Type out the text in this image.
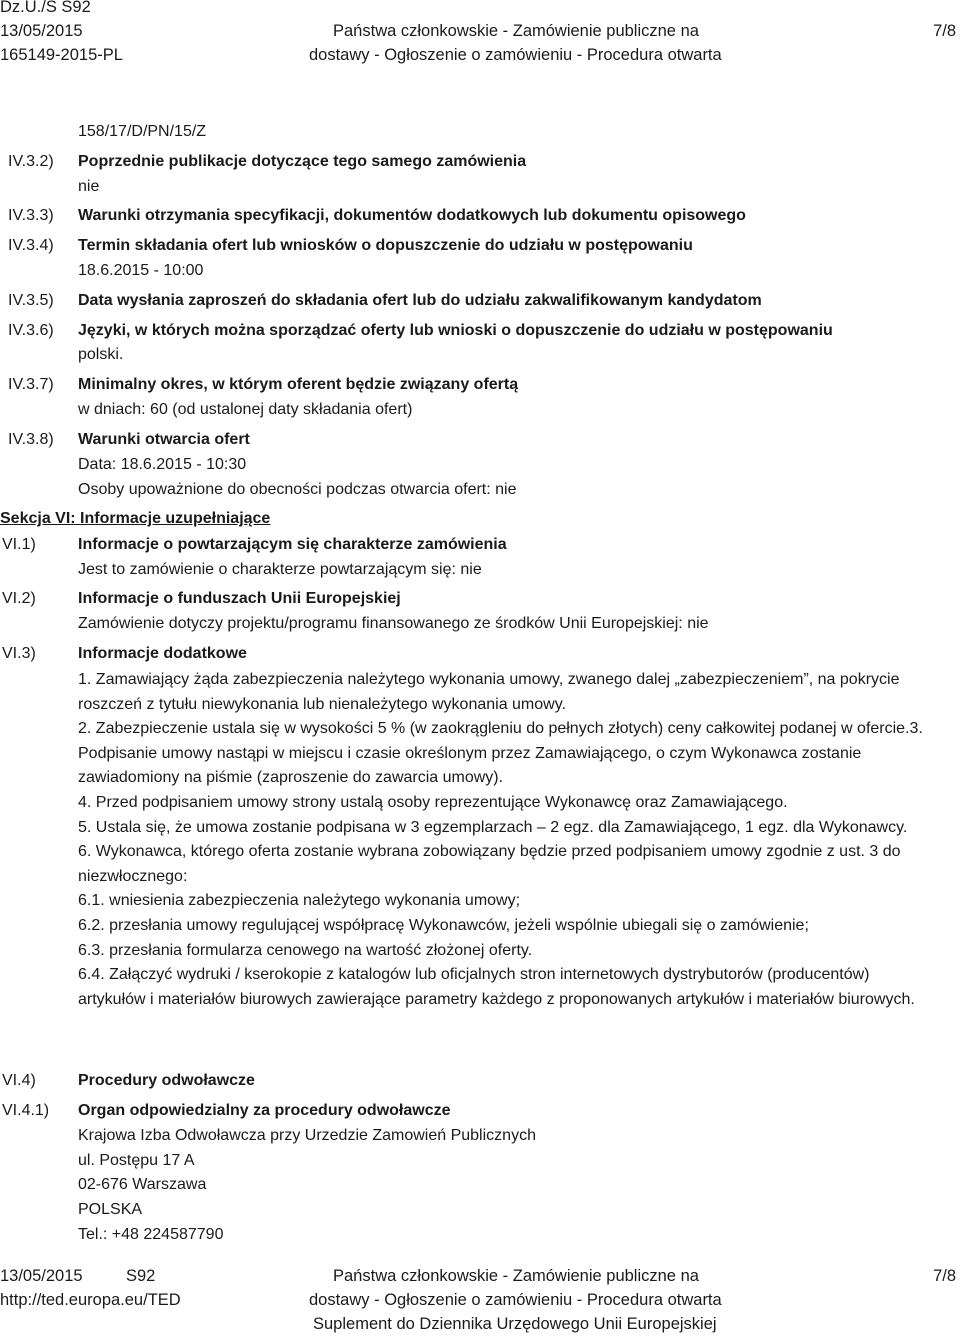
Dz.U./S S92
13/05/2015
165149-2015-PL
Państwa członkowskie - Zamówienie publiczne na
dostawy - Ogłoszenie o zamówieniu - Procedura otwarta
7/8
158/17/D/PN/15/Z
IV.3.2)	Poprzednie publikacje dotyczące tego samego zamówienia
nie
IV.3.3)	Warunki otrzymania specyfikacji, dokumentów dodatkowych lub dokumentu opisowego
IV.3.4)	Termin składania ofert lub wniosków o dopuszczenie do udziału w postępowaniu
18.6.2015 - 10:00
IV.3.5)	Data wysłania zaproszeń do składania ofert lub do udziału zakwalifikowanym kandydatom
IV.3.6)	Języki, w których można sporządzać oferty lub wnioski o dopuszczenie do udziału w postępowaniu
polski.
IV.3.7)	Minimalny okres, w którym oferent będzie związany ofertą
w dniach: 60 (od ustalonej daty składania ofert)
IV.3.8)	Warunki otwarcia ofert
Data: 18.6.2015 - 10:30
Osoby upoważnione do obecności podczas otwarcia ofert: nie
Sekcja VI: Informacje uzupełniające
VI.1)	Informacje o powtarzającym się charakterze zamówienia
Jest to zamówienie o charakterze powtarzającym się: nie
VI.2)	Informacje o funduszach Unii Europejskiej
Zamówienie dotyczy projektu/programu finansowanego ze środków Unii Europejskiej: nie
VI.3)	Informacje dodatkowe
1. Zamawiający żąda zabezpieczenia należytego wykonania umowy, zwanego dalej „zabezpieczeniem”, na pokrycie roszczeń z tytułu niewykonania lub nienależytego wykonania umowy.
2. Zabezpieczenie ustala się w wysokości 5 % (w zaokrągleniu do pełnych złotych) ceny całkowitej podanej w ofercie.3. Podpisanie umowy nastąpi w miejscu i czasie określonym przez Zamawiającego, o czym Wykonawca zostanie zawiadomiony na piśmie (zaproszenie do zawarcia umowy).
4. Przed podpisaniem umowy strony ustalą osoby reprezentujące Wykonawcę oraz Zamawiającego.
5. Ustala się, że umowa zostanie podpisana w 3 egzemplarzach – 2 egz. dla Zamawiającego, 1 egz. dla Wykonawcy.
6. Wykonawca, którego oferta zostanie wybrana zobowiązany będzie przed podpisaniem umowy zgodnie z ust. 3 do niezwłocznego:
6.1. wniesienia zabezpieczenia należytego wykonania umowy;
6.2. przesłania umowy regulującej współpracę Wykonawców, jeżeli wspólnie ubiegali się o zamówienie;
6.3. przesłania formularza cenowego na wartość złożonej oferty.
6.4. Załączyć wydruki / kserokopie z katalogów lub oficjalnych stron internetowych dystrybutorów (producentów) artykułów i materiałów biurowych zawierające parametry każdego z proponowanych artykułów i materiałów biurowych.
VI.4)	Procedury odwoławcze
VI.4.1)	Organ odpowiedzialny za procedury odwoławcze
Krajowa Izba Odwoławcza przy Urzedzie Zamowień Publicznych
ul. Postępu 17 A
02-676 Warszawa
POLSKA
Tel.: +48 224587790
13/05/2015	S92
http://ted.europa.eu/TED
Państwa członkowskie - Zamówienie publiczne na
dostawy - Ogłoszenie o zamówieniu - Procedura otwarta
Suplement do Dziennika Urzędowego Unii Europejskiej
7/8
